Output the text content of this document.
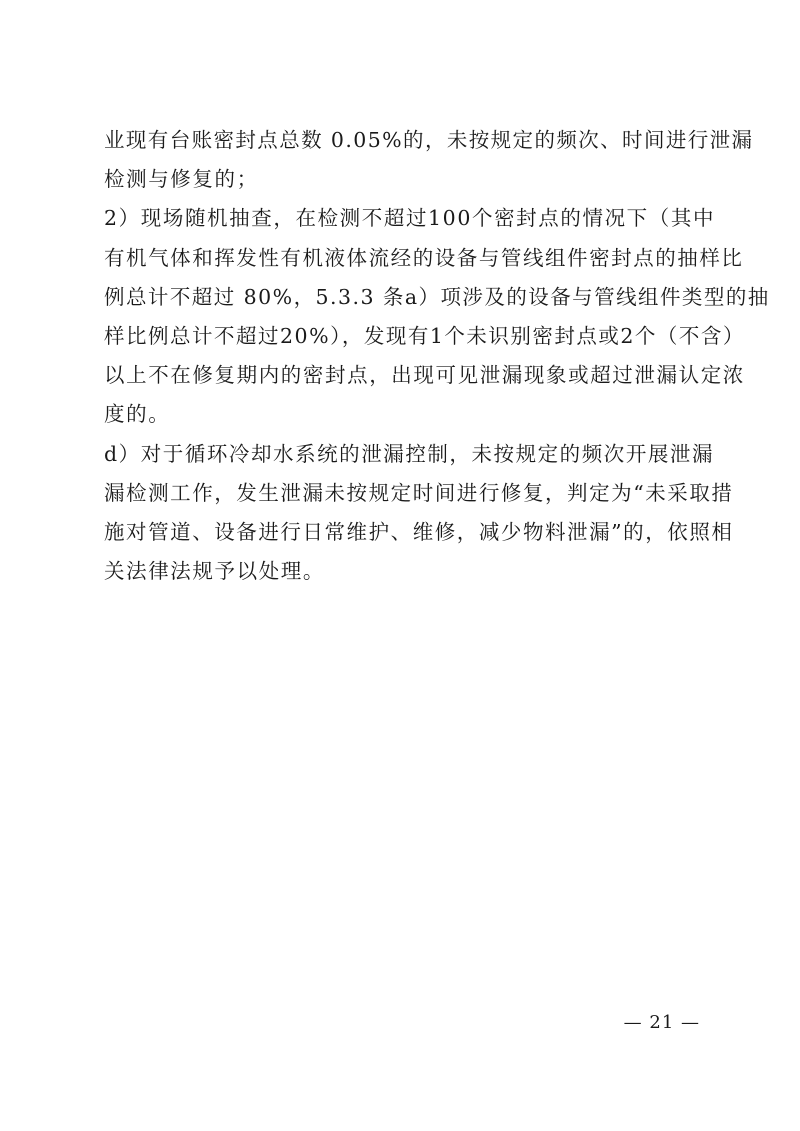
业现有台账密封点总数 0.05%的，未按规定的频次、时间进行泄漏
检测与修复的；
2）现场随机抽查，在检测不超过100个密封点的情况下（其中
有机气体和挥发性有机液体流经的设备与管线组件密封点的抽样比
例总计不超过 80%，5.3.3 条a）项涉及的设备与管线组件类型的抽
样比例总计不超过20%），发现有1个未识别密封点或2个（不含）
以上不在修复期内的密封点，出现可见泄漏现象或超过泄漏认定浓
度的。
d）对于循环冷却水系统的泄漏控制，未按规定的频次开展泄漏
漏检测工作，发生泄漏未按规定时间进行修复，判定为“未采取措
施对管道、设备进行日常维护、维修，减少物料泄漏”的，依照相
关法律法规予以处理。
— 21 —
